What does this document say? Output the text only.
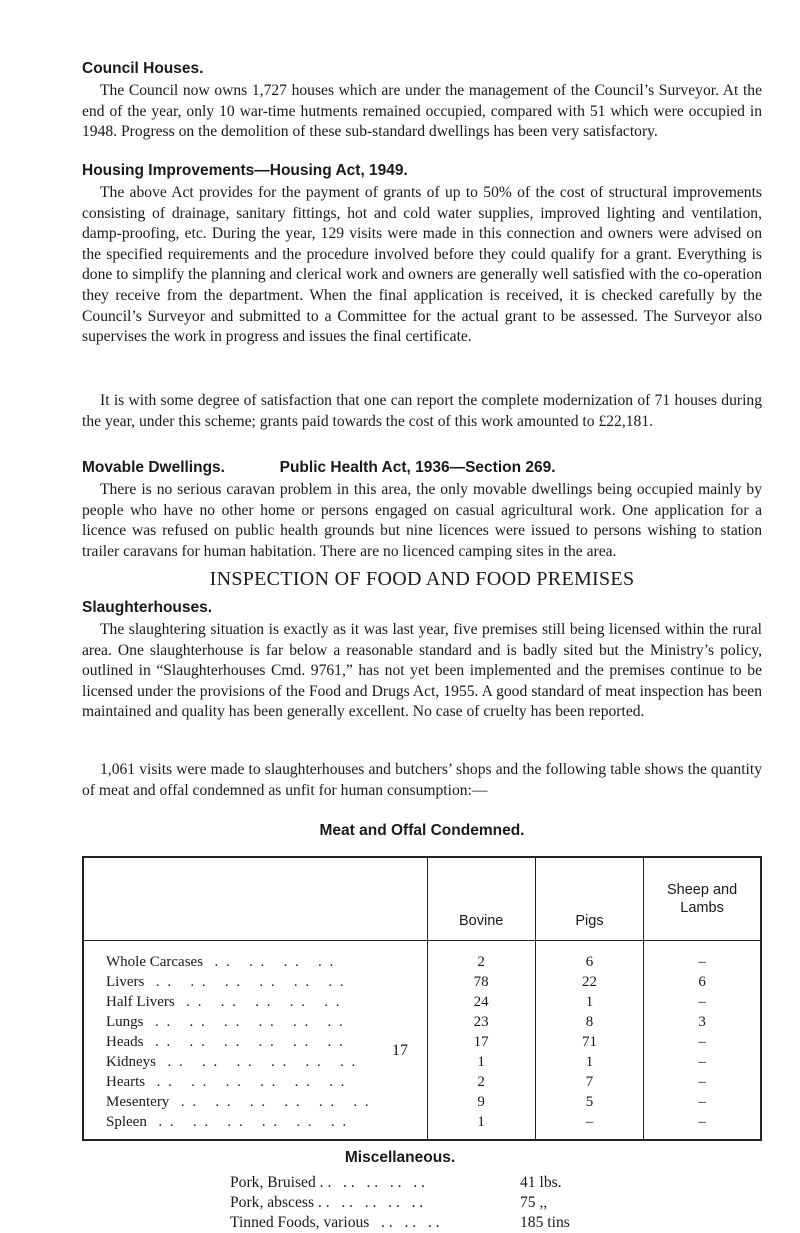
Council Houses.

The Council now owns 1,727 houses which are under the management of the Council’s Surveyor. At the end of the year, only 10 war-time hutments remained occupied, compared with 51 which were occupied in 1948. Progress on the demolition of these sub-standard dwellings has been very satisfactory.

Housing Improvements—Housing Act, 1949.

The above Act provides for the payment of grants of up to 50% of the cost of structural improvements consisting of drainage, sanitary fittings, hot and cold water supplies, improved lighting and ventilation, damp-proofing, etc. During the year, 129 visits were made in this connection and owners were advised on the specified requirements and the procedure involved before they could qualify for a grant. Everything is done to simplify the planning and clerical work and owners are generally well satisfied with the co-operation they receive from the department. When the final application is received, it is checked carefully by the Council’s Surveyor and submitted to a Committee for the actual grant to be assessed. The Surveyor also supervises the work in progress and issues the final certificate.

It is with some degree of satisfaction that one can report the complete modernization of 71 houses during the year, under this scheme; grants paid towards the cost of this work amounted to £22,181.

Movable Dwellings.	Public Health Act, 1936—Section 269.

There is no serious caravan problem in this area, the only movable dwellings being occupied mainly by people who have no other home or persons engaged on casual agricultural work. One application for a licence was refused on public health grounds but nine licences were issued to persons wishing to station trailer caravans for human habitation. There are no licenced camping sites in the area.

INSPECTION OF FOOD AND FOOD PREMISES
Slaughterhouses.

The slaughtering situation is exactly as it was last year, five premises still being licensed within the rural area. One slaughterhouse is far below a reasonable standard and is badly sited but the Ministry’s policy, outlined in “Slaughterhouses Cmd. 9761,” has not yet been implemented and the premises continue to be licensed under the provisions of the Food and Drugs Act, 1955. A good standard of meat inspection has been maintained and quality has been generally excellent. No case of cruelty has been reported.

1,061 visits were made to slaughterhouses and butchers’ shops and the following table shows the quantity of meat and offal condemned as unfit for human consumption:—

Meat and Offal Condemned.
	Bovine	Pigs	Sheep and Lambs
Whole Carcases  . .   . .   . .   . .	2	6	–
Livers  . .   . .   . .   . .   . .   . .	78	22	6
Half Livers  . .   . .   . .   . .   . .	24	1	–
Lungs  . .   . .   . .   . .   . .   . .	23	8	3
Heads  . .   . .   . .   . .   . .   . .	17	71	–
Kidneys  . .   . .   . .   . .   . .   . .	1	1	–
Hearts  . .   . .   . .   . .   . .   . .	2	7	–
Mesentery  . .   . .   . .   . .   . .   . .	9	5	–
Spleen  . .   . .   . .   . .   . .   . .	1	–	–
Miscellaneous.
Pork, Bruised . .   . .   . .   . .   . .	41 lbs.
Pork, abscess . .   . .   . .   . .   . .	75 ,,
Tinned Foods, various   . .   . .   . .	185 tins
17
